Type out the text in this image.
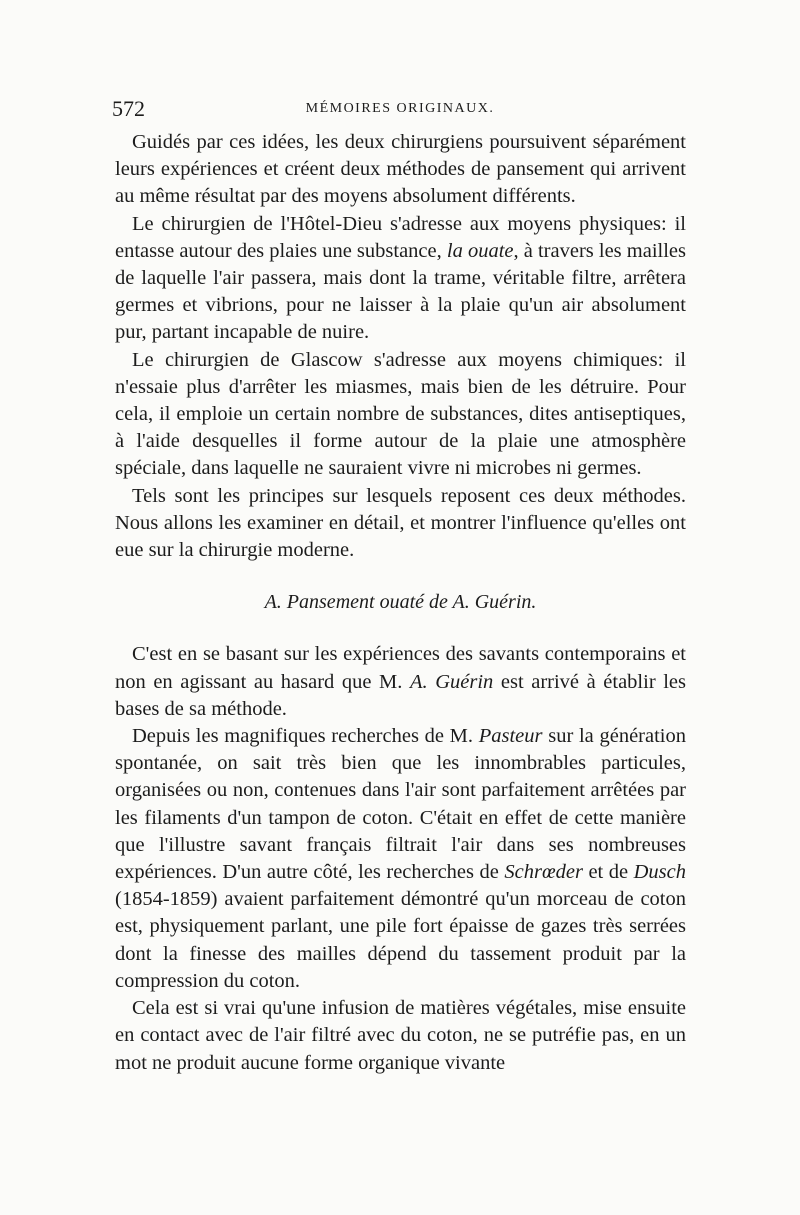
572	MÉMOIRES ORIGINAUX.

Guidés par ces idées, les deux chirurgiens poursuivent séparément leurs expériences et créent deux méthodes de pansement qui arrivent au même résultat par des moyens absolument différents.

Le chirurgien de l'Hôtel-Dieu s'adresse aux moyens physiques: il entasse autour des plaies une substance, la ouate, à travers les mailles de laquelle l'air passera, mais dont la trame, véritable filtre, arrêtera germes et vibrions, pour ne laisser à la plaie qu'un air absolument pur, partant incapable de nuire.

Le chirurgien de Glascow s'adresse aux moyens chimiques: il n'essaie plus d'arrêter les miasmes, mais bien de les détruire. Pour cela, il emploie un certain nombre de substances, dites antiseptiques, à l'aide desquelles il forme autour de la plaie une atmosphère spéciale, dans laquelle ne sauraient vivre ni microbes ni germes.

Tels sont les principes sur lesquels reposent ces deux méthodes. Nous allons les examiner en détail, et montrer l'influence qu'elles ont eue sur la chirurgie moderne.

A. Pansement ouaté de A. Guérin.

C'est en se basant sur les expériences des savants contemporains et non en agissant au hasard que M. A. Guérin est arrivé à établir les bases de sa méthode.

Depuis les magnifiques recherches de M. Pasteur sur la génération spontanée, on sait très bien que les innombrables particules, organisées ou non, contenues dans l'air sont parfaitement arrêtées par les filaments d'un tampon de coton. C'était en effet de cette manière que l'illustre savant français filtrait l'air dans ses nombreuses expériences. D'un autre côté, les recherches de Schrœder et de Dusch (1854-1859) avaient parfaitement démontré qu'un morceau de coton est, physiquement parlant, une pile fort épaisse de gazes très serrées dont la finesse des mailles dépend du tassement produit par la compression du coton.

Cela est si vrai qu'une infusion de matières végétales, mise ensuite en contact avec de l'air filtré avec du coton, ne se putréfie pas, en un mot ne produit aucune forme organique vivante
